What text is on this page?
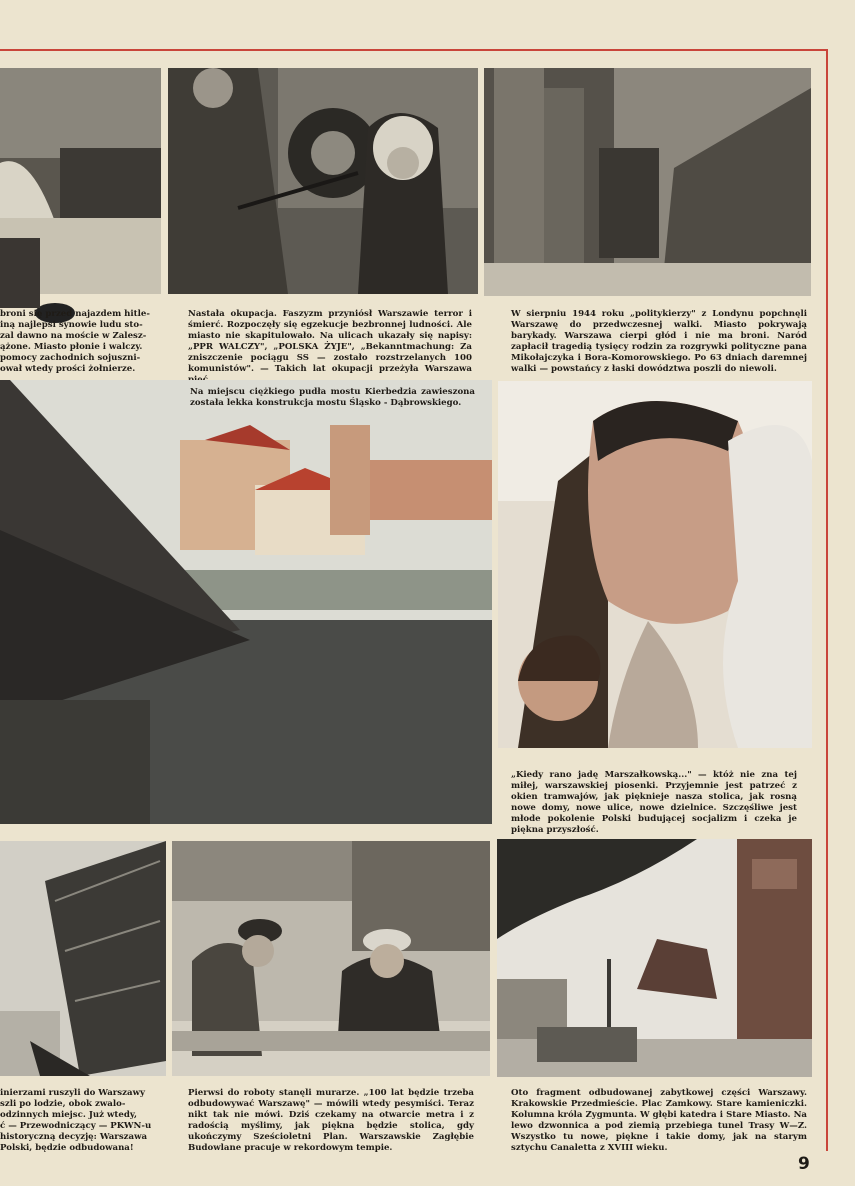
broni się przed najazdem hitle-
iną najlepsi synowie ludu sto-
zal dawno na moście w Zalesz-
ążone. Miasto płonie i walczy.
pomocy zachodnich sojuszni-
ował wtedy prości żołnierze.
Nastała okupacja. Faszyzm przyniósł Warszawie terror i śmierć. Rozpoczęły się egzekucje bezbronnej ludności. Ale miasto nie skapitulowało. Na ulicach ukazały się napisy: „PPR WALCZY", „POLSKA ŻYJE", „Bekanntmachung: Za zniszczenie pociągu SS — zostało rozstrzelanych 100 komunistów". — Takich lat okupacji przeżyła Warszawa
W sierpniu 1944 roku „politykierzy" z Londynu popchnęli Warszawę do przedwczesnej walki. Miasto pokrywają barykady. Warszawa cierpi głód i nie ma broni. Naród zapłacił tragedią tysięcy rodzin za rozgrywki polityczne pana Mikołajczyka i Bora-Komorowskiego. Po 63 dniach daremnej walki — powstańcy z łaski dowództwa poszli do niewoli.
Na miejscu ciężkiego pudła mostu Kierbedzia zawieszona została lekka konstrukcja mostu Śląsko - Dąbrowskiego.
„Kiedy rano jadę Marszałkowską..." — któż nie zna tej miłej, warszawskiej piosenki. Przyjemnie jest patrzeć z okien tramwajów, jak pięknieje nasza stolica, jak rosną nowe domy, nowe ulice, nowe dzielnice. Szczęśliwe jest młode pokolenie Polski budującej socjalizm i czeka je piękna przyszłość.
inierzami ruszyli do Warszawy
szli po lodzie, obok zwalo-
odzinnych miejsc. Już wtedy,
ć — Przewodniczący — PKWN-u
historyczną decyzję: Warszawa
Polski, będzie odbudowana!
Pierwsi do roboty stanęli murarze. „100 lat będzie trzeba odbudowywać Warszawę" — mówili wtedy pesymiści. Teraz nikt tak nie mówi. Dziś czekamy na otwarcie metra i z radością myślimy, jak piękna będzie stolica, gdy ukończymy Sześcioletni Plan. Warszawskie Zagłębie Budowlane pracuje w rekordowym tempie.
Oto fragment odbudowanej zabytkowej części Warszawy. Krakowskie Przedmieście. Plac Zamkowy. Stare kamieniczki. Kolumna króla Zygmunta. W głębi katedra i Stare Miasto. Na lewo dzwonnica a pod ziemią przebiega tunel Trasy W—Z. Wszystko tu nowe, piękne i takie domy, jak na starym sztychu Canaletta z XVIII wieku.
9
